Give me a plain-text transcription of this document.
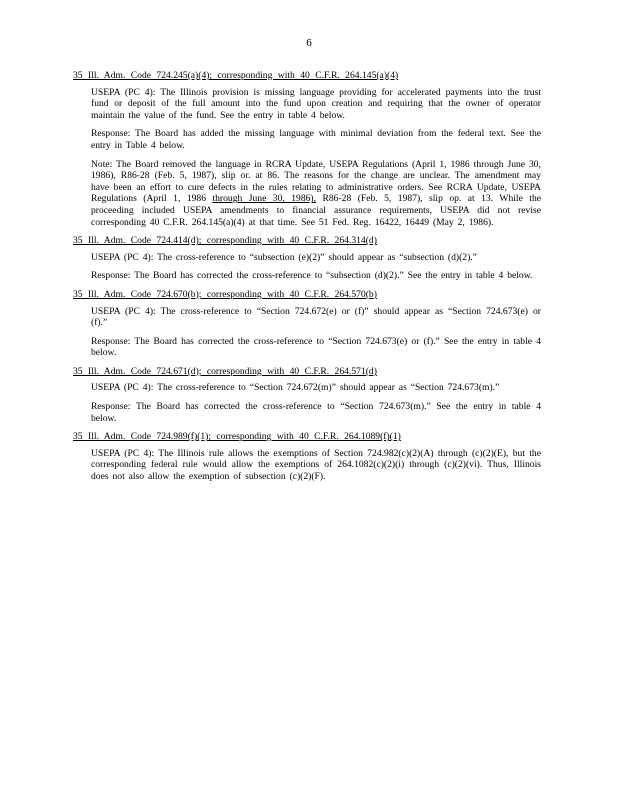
6
35 Ill. Adm. Code 724.245(a)(4); corresponding with 40 C.F.R. 264.145(a)(4)

USEPA (PC 4): The Illinois provision is missing language providing for accelerated payments into the trust fund or deposit of the full amount into the fund upon creation and requiring that the owner of operator maintain the value of the fund. See the entry in table 4 below.

Response: The Board has added the missing language with minimal deviation from the federal text. See the entry in Table 4 below.

Note: The Board removed the language in RCRA Update, USEPA Regulations (April 1, 1986 through June 30, 1986), R86-28 (Feb. 5, 1987), slip or. at 86. The reasons for the change are unclear. The amendment may have been an effort to cure defects in the rules relating to administrative orders. See RCRA Update, USEPA Regulations (April 1, 1986 through June 30, 1986), R86-28 (Feb. 5, 1987), slip op. at 13. While the proceeding included USEPA amendments to financial assurance requirements, USEPA did not revise corresponding 40 C.F.R. 264.145(a)(4) at that time. See 51 Fed. Reg. 16422, 16449 (May 2, 1986).

35 Ill. Adm. Code 724.414(d); corresponding with 40 C.F.R. 264.314(d)

USEPA (PC 4): The cross-reference to “subsection (e)(2)” should appear as “subsection (d)(2).”

Response: The Board has corrected the cross-reference to “subsection (d)(2).” See the entry in table 4 below.

35 Ill. Adm. Code 724.670(b); corresponding with 40 C.F.R. 264.570(b)

USEPA (PC 4): The cross-reference to “Section 724.672(e) or (f)” should appear as “Section 724.673(e) or (f).”

Response: The Board has corrected the cross-reference to “Section 724.673(e) or (f).” See the entry in table 4 below.

35 Ill. Adm. Code 724.671(d); corresponding with 40 C.F.R. 264.571(d)

USEPA (PC 4): The cross-reference to “Section 724.672(m)” should appear as “Section 724.673(m).”

Response: The Board has corrected the cross-reference to “Section 724.673(m).” See the entry in table 4 below.

35 Ill. Adm. Code 724.989(f)(1); corresponding with 40 C.F.R. 264.1089(f)(1)

USEPA (PC 4): The Illinois rule allows the exemptions of Section 724.982(c)(2)(A) through (c)(2)(E), but the corresponding federal rule would allow the exemptions of 264.1082(c)(2)(i) through (c)(2)(vi). Thus, Illinois does not also allow the exemption of subsection (c)(2)(F).
